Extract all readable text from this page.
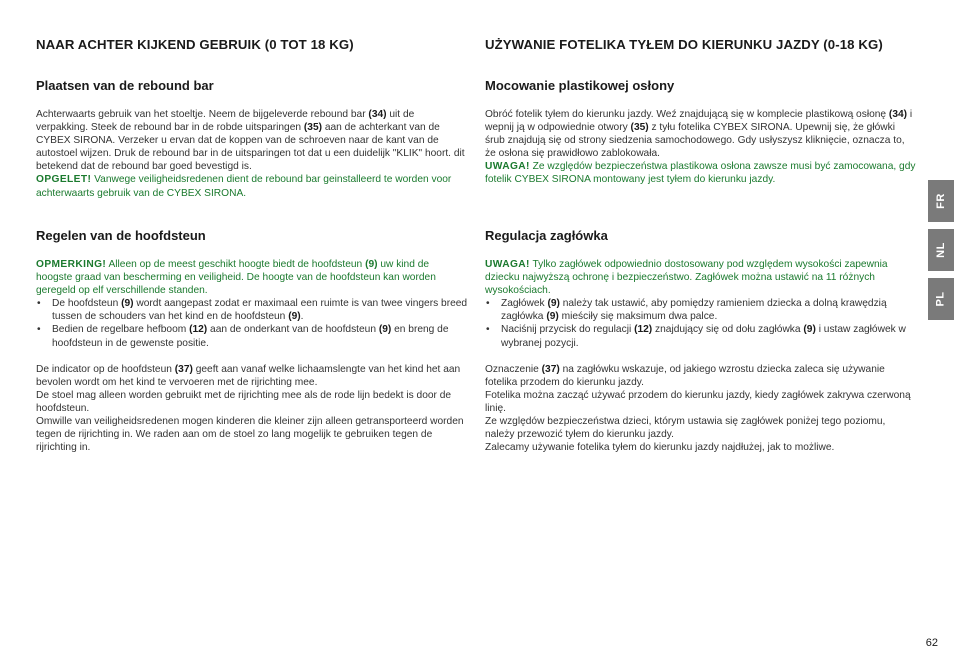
NAAR ACHTER KIJKEND GEBRUIK (0 TOT 18 KG)
Plaatsen van de rebound bar

Achterwaarts gebruik van het stoeltje. Neem de bijgeleverde rebound bar (34) uit de verpakking. Steek de rebound bar in de robde uitsparingen (35) aan de achterkant van de CYBEX SIRONA. Verzeker u ervan dat de koppen van de schroeven naar de kant van de autostoel wijzen. Druk de rebound bar in de uitsparingen tot dat u een duidelijk "KLIK" hoort. dit betekend dat de rebound bar goed bevestigd is.

OPGELET! Vanwege veiligheidsredenen dient de rebound bar geinstalleerd te worden voor achterwaarts gebruik van de CYBEX SIRONA.

Regelen van de hoofdsteun

OPMERKING! Alleen op de meest geschikt hoogte biedt de hoofdsteun (9) uw kind de hoogste graad van bescherming en veiligheid. De hoogte van de hoofdsteun kan worden geregeld op elf verschillende standen.

• De hoofdsteun (9) wordt aangepast zodat er maximaal een ruimte is van twee vingers breed tussen de schouders van het kind en de hoofdsteun (9).
• Bedien de regelbare hefboom (12) aan de onderkant van de hoofdsteun (9) en breng de hoofdsteun in de gewenste positie.

De indicator op de hoofdsteun (37) geeft aan vanaf welke lichaamslengte van het kind het aan bevolen wordt om het kind te vervoeren met de rijrichting mee.

De stoel mag alleen worden gebruikt met de rijrichting mee als de rode lijn bedekt is door de hoofdsteun.

Omwille van veiligheidsredenen mogen kinderen die kleiner zijn alleen getransporteerd worden tegen de rijrichting in. We raden aan om de stoel zo lang mogelijk te gebruiken tegen de rijrichting in.

UŻYWANIE FOTELIKA TYŁEM DO KIERUNKU JAZDY (0-18 KG)
Mocowanie plastikowej osłony

Obróć fotelik tyłem do kierunku jazdy. Weź znajdującą się w komplecie plastikową osłonę (34) i wepnij ją w odpowiednie otwory (35) z tyłu fotelika CYBEX SIRONA. Upewnij się, że główki śrub znajdują się od strony siedzenia samochodowego. Gdy usłyszysz kliknięcie, oznacza to, że osłona się prawidłowo zablokowała.

UWAGA! Ze względów bezpieczeństwa plastikowa osłona zawsze musi być zamocowana, gdy fotelik CYBEX SIRONA montowany jest tyłem do kierunku jazdy.

Regulacja zagłówka

UWAGA! Tylko zagłówek odpowiednio dostosowany pod względem wysokości zapewnia dziecku najwyższą ochronę i bezpieczeństwo. Zagłówek można ustawić na 11 różnych wysokościach.

• Zagłówek (9) należy tak ustawić, aby pomiędzy ramieniem dziecka a dolną krawędzią zagłówka (9) mieściły się maksimum dwa palce.
• Naciśnij przycisk do regulacji (12) znajdujący się od dołu zagłówka (9) i ustaw zagłówek w wybranej pozycji.

Oznaczenie (37) na zagłówku wskazuje, od jakiego wzrostu dziecka zaleca się używanie fotelika przodem do kierunku jazdy.

Fotelika można zacząć używać przodem do kierunku jazdy, kiedy zagłówek zakrywa czerwoną linię.

Ze względów bezpieczeństwa dzieci, którym ustawia się zagłówek poniżej tego poziomu, należy przewozić tyłem do kierunku jazdy.

Zalecamy używanie fotelika tyłem do kierunku jazdy najdłużej, jak to możliwe.

FR
NL
PL
62
